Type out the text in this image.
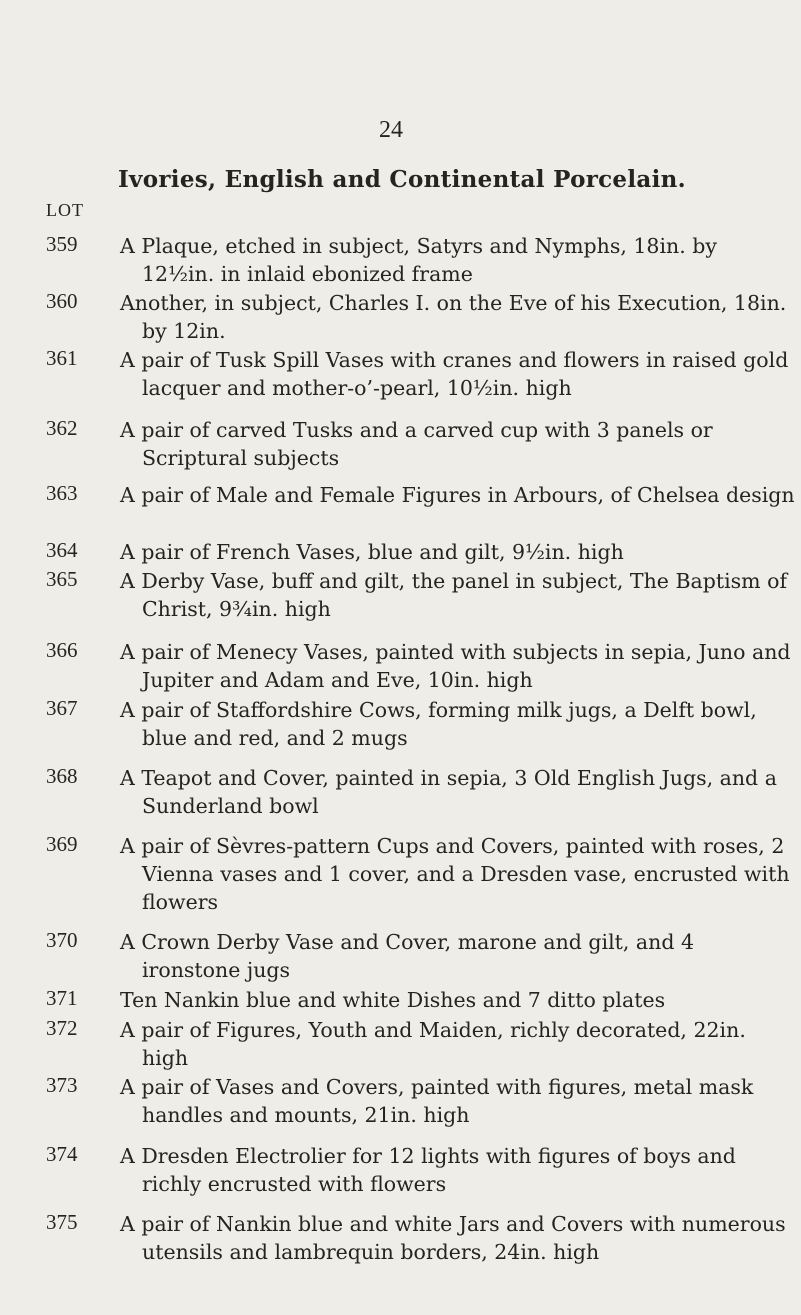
24
Ivories, English and Continental Porcelain.
LOT
359 A Plaque, etched in subject, Satyrs and Nymphs, 18in. by 12½in. in inlaid ebonized frame
360 Another, in subject, Charles I. on the Eve of his Execution, 18in. by 12in.
361 A pair of Tusk Spill Vases with cranes and flowers in raised gold lacquer and mother-o’-pearl, 10½in. high
362 A pair of carved Tusks and a carved cup with 3 panels or Scriptural subjects
363 A pair of Male and Female Figures in Arbours, of Chelsea design
364 A pair of French Vases, blue and gilt, 9½in. high
365 A Derby Vase, buff and gilt, the panel in subject, The Baptism of Christ, 9¾in. high
366 A pair of Menecy Vases, painted with subjects in sepia, Juno and Jupiter and Adam and Eve, 10in. high
367 A pair of Staffordshire Cows, forming milk jugs, a Delft bowl, blue and red, and 2 mugs
368 A Teapot and Cover, painted in sepia, 3 Old English Jugs, and a Sunderland bowl
369 A pair of Sèvres-pattern Cups and Covers, painted with roses, 2 Vienna vases and 1 cover, and a Dresden vase, encrusted with flowers
370 A Crown Derby Vase and Cover, marone and gilt, and 4 ironstone jugs
371 Ten Nankin blue and white Dishes and 7 ditto plates
372 A pair of Figures, Youth and Maiden, richly decorated, 22in. high
373 A pair of Vases and Covers, painted with figures, metal mask handles and mounts, 21in. high
374 A Dresden Electrolier for 12 lights with figures of boys and richly encrusted with flowers
375 A pair of Nankin blue and white Jars and Covers with numerous utensils and lambrequin borders, 24in. high
